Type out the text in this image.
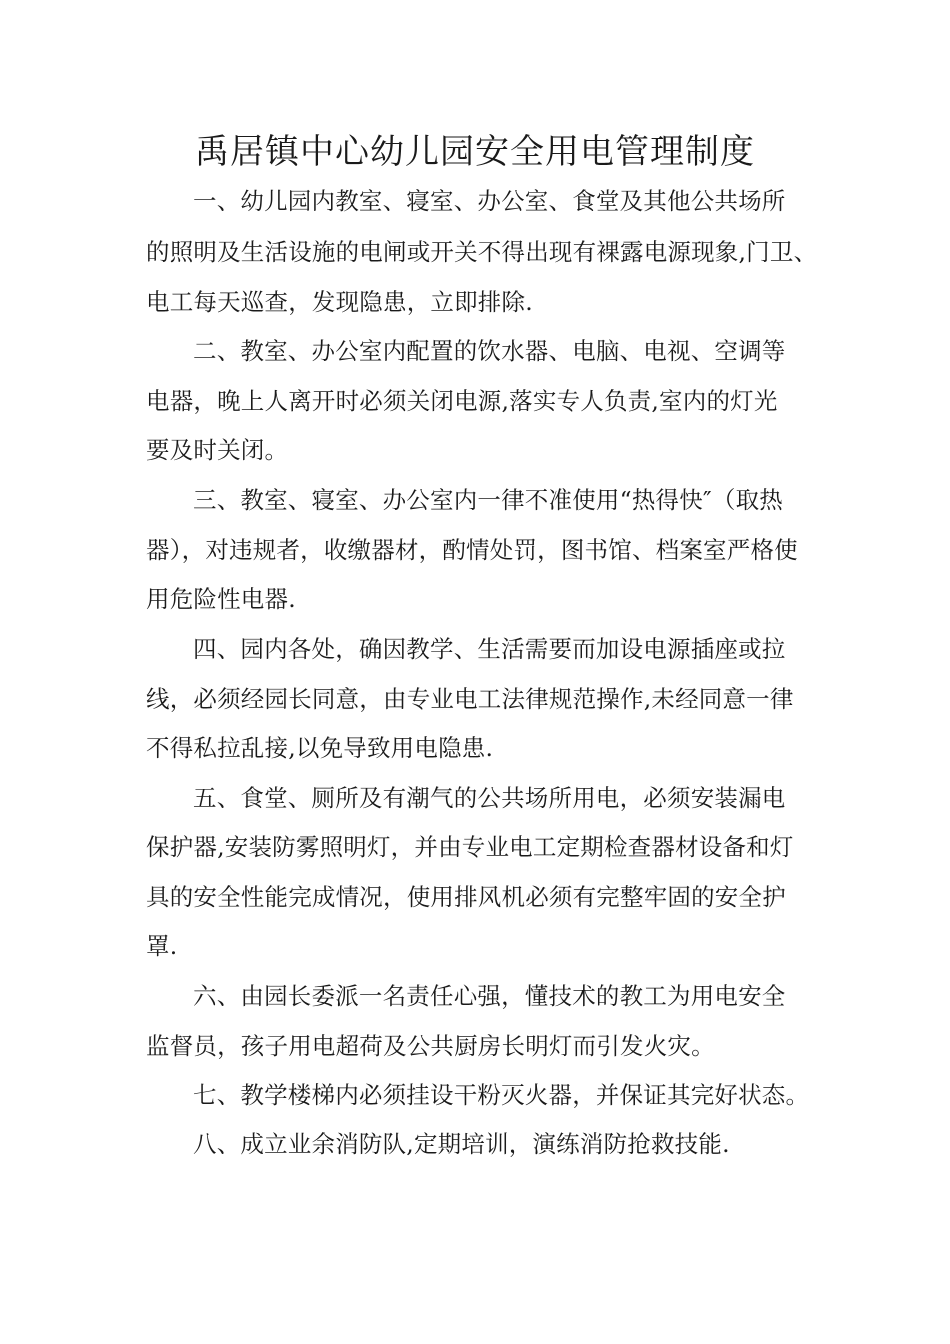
禹居镇中心幼儿园安全用电管理制度
一、幼儿园内教室、寝室、办公室、食堂及其他公共场所
的照明及生活设施的电闸或开关不得出现有裸露电源现象,门卫、
电工每天巡查，发现隐患，立即排除.
二、教室、办公室内配置的饮水器、电脑、电视、空调等
电器，晚上人离开时必须关闭电源,落实专人负责,室内的灯光
要及时关闭。
三、教室、寝室、办公室内一律不准使用“热得快″（取热
器），对违规者，收缴器材，酌情处罚，图书馆、档案室严格使
用危险性电器.
四、园内各处，确因教学、生活需要而加设电源插座或拉
线，必须经园长同意，由专业电工法律规范操作,未经同意一律
不得私拉乱接,以免导致用电隐患.
五、食堂、厕所及有潮气的公共场所用电，必须安装漏电
保护器,安装防雾照明灯，并由专业电工定期检查器材设备和灯
具的安全性能完成情况，使用排风机必须有完整牢固的安全护
罩.
六、由园长委派一名责任心强，懂技术的教工为用电安全
监督员，孩子用电超荷及公共厨房长明灯而引发火灾。
七、教学楼梯内必须挂设干粉灭火器，并保证其完好状态。
八、成立业余消防队,定期培训，演练消防抢救技能.
